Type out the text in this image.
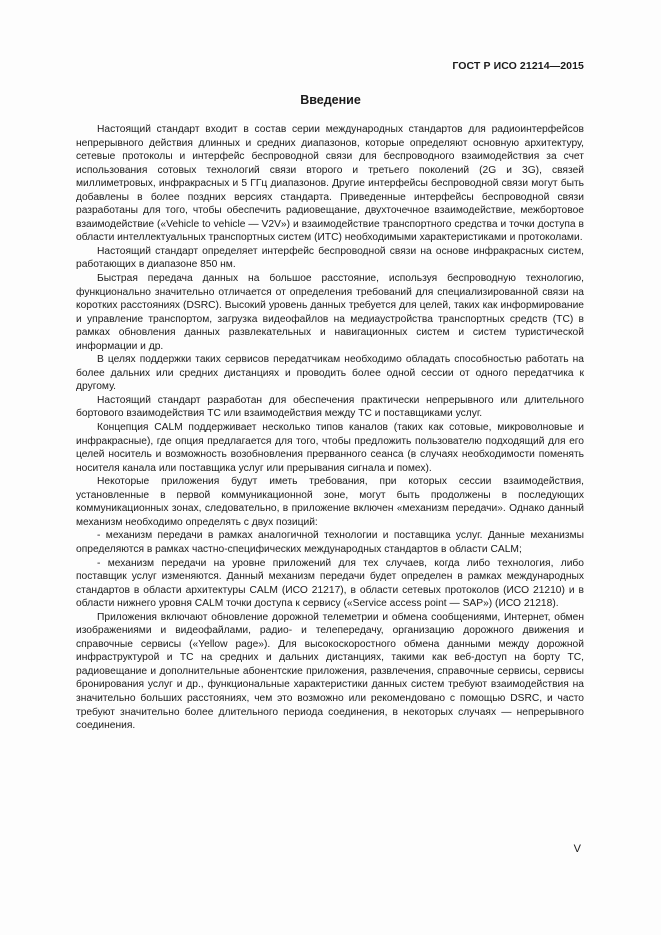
ГОСТ Р ИСО 21214—2015
Введение

Настоящий стандарт входит в состав серии международных стандартов для радиоинтерфейсов непрерывного действия длинных и средних диапазонов, которые определяют основную архитектуру, сетевые протоколы и интерфейс беспроводной связи для беспроводного взаимодействия за счет использования сотовых технологий связи второго и третьего поколений (2G и 3G), связей миллиметровых, инфракрасных и 5 ГГц диапазонов. Другие интерфейсы беспроводной связи могут быть добавлены в более поздних версиях стандарта. Приведенные интерфейсы беспроводной связи разработаны для того, чтобы обеспечить радиовещание, двухточечное взаимодействие, межбортовое взаимодействие («Vehicle to vehicle — V2V») и взаимодействие транспортного средства и точки доступа в области интеллектуальных транспортных систем (ИТС) необходимыми характеристиками и протоколами.

Настоящий стандарт определяет интерфейс беспроводной связи на основе инфракрасных систем, работающих в диапазоне 850 нм.

Быстрая передача данных на большое расстояние, используя беспроводную технологию, функционально значительно отличается от определения требований для специализированной связи на коротких расстояниях (DSRC). Высокий уровень данных требуется для целей, таких как информирование и управление транспортом, загрузка видеофайлов на медиаустройства транспортных средств (ТС) в рамках обновления данных развлекательных и навигационных систем и систем туристической информации и др.

В целях поддержки таких сервисов передатчикам необходимо обладать способностью работать на более дальних или средних дистанциях и проводить более одной сессии от одного передатчика к другому.

Настоящий стандарт разработан для обеспечения практически непрерывного или длительного бортового взаимодействия ТС или взаимодействия между ТС и поставщиками услуг.

Концепция CALM поддерживает несколько типов каналов (таких как сотовые, микроволновые и инфракрасные), где опция предлагается для того, чтобы предложить пользователю подходящий для его целей носитель и возможность возобновления прерванного сеанса (в случаях необходимости поменять носителя канала или поставщика услуг или прерывания сигнала и помех).

Некоторые приложения будут иметь требования, при которых сессии взаимодействия, установленные в первой коммуникационной зоне, могут быть продолжены в последующих коммуникационных зонах, следовательно, в приложение включен «механизм передачи». Однако данный механизм необходимо определять с двух позиций:

- механизм передачи в рамках аналогичной технологии и поставщика услуг. Данные механизмы определяются в рамках частно-специфических международных стандартов в области CALM;

- механизм передачи на уровне приложений для тех случаев, когда либо технология, либо поставщик услуг изменяются. Данный механизм передачи будет определен в рамках международных стандартов в области архитектуры CALM (ИСО 21217), в области сетевых протоколов (ИСО 21210) и в области нижнего уровня CALM точки доступа к сервису («Service access point — SAP») (ИСО 21218).

Приложения включают обновление дорожной телеметрии и обмена сообщениями, Интернет, обмен изображениями и видеофайлами, радио- и телепередачу, организацию дорожного движения и справочные сервисы («Yellow page»). Для высокоскоростного обмена данными между дорожной инфраструктурой и ТС на средних и дальних дистанциях, такими как веб-доступ на борту ТС, радиовещание и дополнительные абонентские приложения, развлечения, справочные сервисы, сервисы бронирования услуг и др., функциональные характеристики данных систем требуют взаимодействия на значительно больших расстояниях, чем это возможно или рекомендовано с помощью DSRC, и часто требуют значительно более длительного периода соединения, в некоторых случаях — непрерывного соединения.

V
